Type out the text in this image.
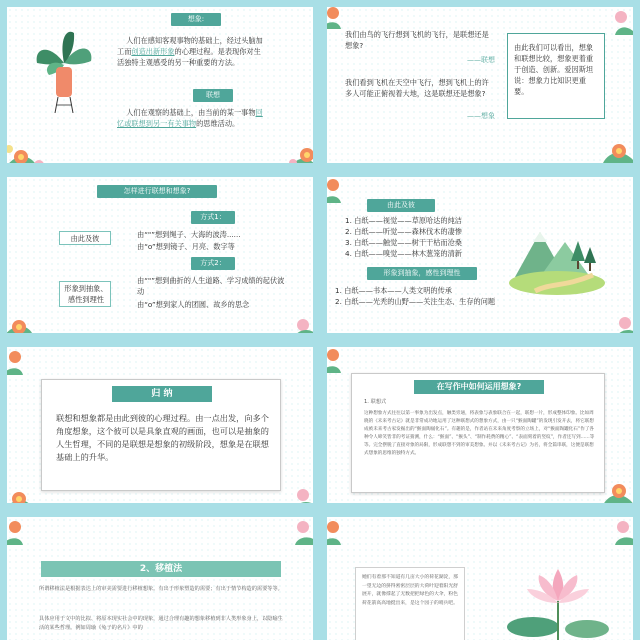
想象:
人们在感知客观事物的基础上，经过头脑加工而创造出新形象的心理过程。是表现你对生活独特主观感受的另一种重要的方法。
联想
人们在观察的基础上，由当前的某一事物回忆或联想到另一有关事物的思维活动。
我们由鸟的飞行想到飞机的飞行，是联想还是想象?
——联想
我们看到飞机在天空中飞行，想到飞机上的许多人可能正俯视着大地，这是联想还是想象?
——想象
由此我们可以看出，想象和联想比较，想象更着重于创造、创新。爱因斯坦说：想象力比知识更重要。
怎样进行联想和想象?
方式1：
由此及彼	由“"”想到绳子、大海的波涛......
由“o”想到镜子、月亮、数字等
方式2：
形象到抽象、感性到理性
由“"”想到曲折的人生道路、学习成绩的起伏波动
由“o”想到家人的团圆、故乡的思念
由此及彼
1. 白纸——视觉——草原哈达的纯洁
2. 白纸——听觉——森林伐木的凄惨
3. 白纸——触觉——树干干枯而沧桑
4. 白纸——嗅觉——林木葱笼的清新
形象到抽象，感性到理性
1. 白纸——书本——人类文明的传承
2. 白纸——光秃的山野——关注生态、生存的问题
归 纳
联想和想象都是由此到彼的心理过程。由一点出发，向多个角度想象，这个彼可以是具象直观的画面，也可以是抽象的人生哲理，不同的是联想是想象的初级阶段，想象是在联想基础上的升华。
在写作中如何运用想象?
1. 联想式
这种想象方式往往以第一事象为出发点，触类旁通，将表象与表象联合在一起，联想一片，形成整体印象。比如周晓的《未来考古记》就是非常成功地运用了这种联想式的想象方式，由一只“猴面陶罐”的发现引发开去，将它联想成被未来考古家发掘出的“猴面陶俑化石”。有趣的是，作者站在未来角度考察的立场上，对“猴面陶罐化石”作了各种令人啼笑皆非的考证猜测，什么：“猴面”、“猴头”、“制作耗费的精心”、“表面刻着的竖纹”，作者还写到……等等。完全摆脱了直接对象的局限，形成联想不到的审美想象。并以《未来考古记》为名，将全篇串联，这便是联想式想象的思维的独特方式。
2、移植法
所谓移植法是根据表达上的审美需要进行移植想象。有出于形象塑造的需要；有出于情节构造的需要等等。
具体应用于文中的比拟、将原本现实社会中的现象，通过合理有趣的想象移植到非人类形象身上，以隐喻生活的某些哲理。例如周瑜《兔子的名片》中的
她们有着那不知道有几亩大小的荷花湖淀，那一望无边的挤得密密层层的大荷叶迎着阳光舒展开，就像撑起了无数把把绿色的大伞，粉色荷花箭高高地挺出来，是这个园子的哨兵吧。
